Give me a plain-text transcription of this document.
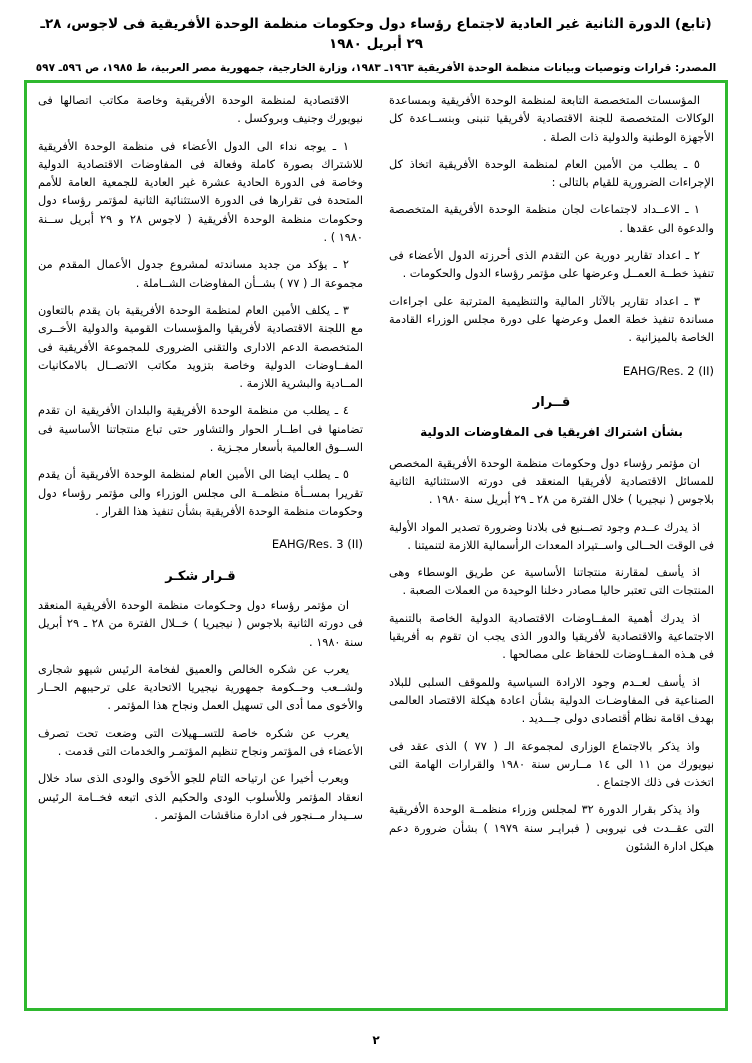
(تابع) الدورة الثانية غير العادية لاجتماع رؤساء دول وحكومات منظمة الوحدة الأفريقية فى لاجوس، ٢٨ـ ٢٩ أبريل ١٩٨٠
المصدر: قرارات وتوصيات وبيانات منظمة الوحدة الأفريقية ١٩٦٣ـ ١٩٨٣، وزارة الخارجية، جمهورية مصر العربية، ط ١٩٨٥، ص ٥٩٦ـ ٥٩٧

المؤسسات المتخصصة التابعة لمنظمة الوحدة الأفريقية وبمساعدة الوكالات المتخصصة للجنة الاقتصادية لأفريقيا تنبنى وبنســاعدة كل الأجهزة الوطنية والدولية ذات الصلة .

٥ ـ يطلب من الأمين العام لمنظمة الوحدة الأفريقية اتخاذ كل الإجراءات الضرورية للقيام بالتالى :

١ ـ الاعــداد لاجتماعات لجان منظمة الوحدة الأفريقية المتخصصة والدعوة الى عقدها .

٢ ـ اعداد تقارير دورية عن التقدم الذى أحرزته الدول الأعضاء فى تنفيذ خطــة العمــل وعرضها على مؤتمر رؤساء الدول والحكومات .

٣ ـ اعداد تقارير بالآثار المالية والتنظيمية المترتبة على اجراءات مساندة تنفيذ خطة العمل وعرضها على دورة مجلس الوزراء القادمة الخاصة بالميزانية .

EAHG/Res. 2 (II)

قــرار

بشأن اشتراك افريقيا فى المفاوضات الدولية

ان مؤتمر رؤساء دول وحكومات منظمة الوحدة الأفريقية المخصص للمسائل الاقتصادية لأفريقيا المنعقد فى دورته الاستثنائية الثانية بلاجوس ( نيجيريا ) خلال الفترة من ٢٨ ـ ٢٩ أبريل سنة ١٩٨٠ .

اذ يدرك عــدم وجود تصــنيع فى بلادنا وضرورة تصدير المواد الأولية فى الوقت الحــالى واســتيراد المعدات الرأسمالية اللازمة لتنميتنا .

اذ يأسف لمقارنة منتجاتنا الأساسية عن طريق الوسطاء وهى المنتجات التى تعتبر حاليا مصادر دخلنا الوحيدة من العملات الصعبة .

اذ يدرك أهمية المفــاوضات الاقتصادية الدولية الخاصة بالتنمية الاجتماعية والاقتصادية لأفريقيا والدور الذى يجب ان تقوم به أفريقيا فى هـذه المفــاوضات للحفاظ على مصالحها .

اذ يأسف لعــدم وجود الارادة السياسية وللموقف السلبى للبلاد الصناعية فى المفاوضـات الدولية بشأن اعادة هيكلة الاقتصاد العالمى بهدف اقامة نظام أقتصادى دولى جـــديد .

واذ يذكر بالاجتماع الوزارى لمجموعة الـ ( ٧٧ ) الذى عقد فى نيويورك من ١١ الى ١٤ مــارس سنة ١٩٨٠ والقرارات الهامة التى اتخذت فى ذلك الاجتماع .

واذ يذكر بقرار الدورة ٣٢ لمجلس وزراء منظمــة الوحدة الأفريقية التى عقــدت فى نيروبى ( فبرايـر سنة ١٩٧٩ ) بشأن ضرورة دعم هيكل ادارة الشئون

الاقتصادية لمنظمة الوحدة الأفريقية وخاصة مكاتب اتصالها فى نيويورك وجنيف وبروكسل .

١ ـ يوجه نداء الى الدول الأعضاء فى منظمة الوحدة الأفريقية للاشتراك بصورة كاملة وفعالة فى المفاوضات الاقتصادية الدولية وخاصة فى الدورة الحادية عشرة غير العادية للجمعية العامة للأمم المتحدة فى تقرارها فى الدورة الاستثنائية الثانية لمؤتمر رؤساء دول وحكومات منظمة الوحدة الأفريقية ( لاجوس ٢٨ و ٢٩ أبريل ســنة ١٩٨٠ ) .

٢ ـ يؤكد من جديد مساندته لمشروع جدول الأعمال المقدم من مجموعة الـ ( ٧٧ ) بشــأن المفاوضات الشــاملة .

٣ ـ يكلف الأمين العام لمنظمة الوحدة الأفريقية بان يقدم بالتعاون مع اللجنة الاقتصادية لأفريقيا والمؤسسات القومية والدولية الأخــرى المتخصصة الدعم الادارى والتقنى الضرورى للمجموعة الأفريقية فى المفــاوضات الدولية وخاصة بتزويد مكاتب الاتصــال بالامكانيات المــادية والبشرية اللازمة .

٤ ـ يطلب من منظمة الوحدة الأفريقية والبلدان الأفريقية ان تقدم تضامنها فى اطــار الحوار والتشاور حتى تباع منتجاتنا الأساسية فى الســوق العالمية بأسعار مجـزية .

٥ ـ يطلب ايضا الى الأمين العام لمنظمة الوحدة الأفريقية أن يقدم تقريرا بمســأة منظمــة الى مجلس الوزراء والى مؤتمر رؤساء دول وحكومات منظمة الوحدة الأفريقية بشأن تنفيذ هذا القرار .

EAHG/Res. 3 (II)

قـرار شكـر

ان مؤتمر رؤساء دول وحـكومات منظمة الوحدة الأفريقية المنعقد فى دورته الثانية بلاجوس ( نيجيريا ) خــلال الفترة من ٢٨ ـ ٢٩ أبريل سنة ١٩٨٠ .

يعرب عن شكره الخالص والعميق لفخامة الرئيس شيهو شجارى ولشــعب وحــكومة جمهورية نيجيريا الاتحادية على ترحيبهم الحــار والأخوى مما أدى الى تسهيل العمل ونجاح هذا المؤتمر .

يعرب عن شكره خاصة للتســهيلات التى وضعت تحت تصرف الأعضاء فى المؤتمر ونجاح تنظيم المؤتمـر والخدمات التى قدمت .

ويعرب أخيرا عن ارتياحه التام للجو الأخوى والودى الذى ساد خلال انعقاد المؤتمر وللأسلوب الودى والحكيم الذى اتبعه فخــامة الرئيس ســيدار مــنجور فى ادارة مناقشات المؤتمر .

٢
